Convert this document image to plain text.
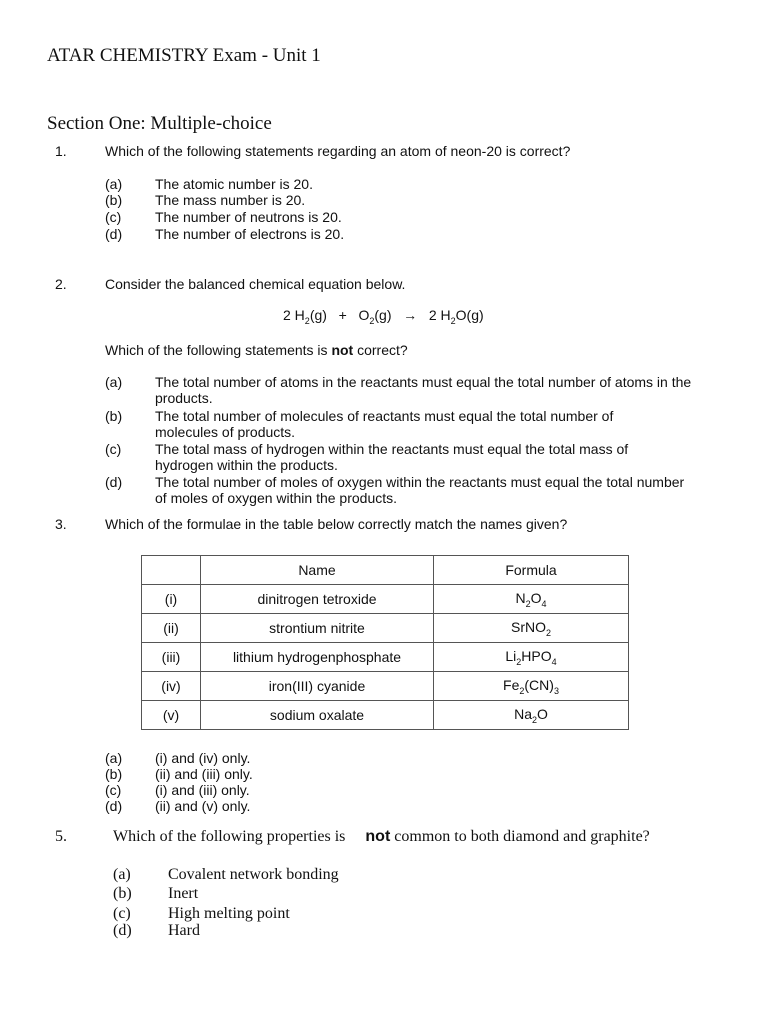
ATAR CHEMISTRY Exam - Unit 1
Section One: Multiple-choice
1.	Which of the following statements regarding an atom of neon-20 is correct?
(a) The atomic number is 20.
(b) The mass number is 20.
(c) The number of neutrons is 20.
(d) The number of electrons is 20.
2.	Consider the balanced chemical equation below.
2 $H_2(g) + O_2(g) \to 2$ $H_2O(g)$
Which of the following statements is not correct?
(a) The total number of atoms in the reactants must equal the total number of atoms in the products.
(b) The total number of molecules of reactants must equal the total number of molecules of products.
(c) The total mass of hydrogen within the reactants must equal the total mass of hydrogen within the products.
(d) The total number of moles of oxygen within the reactants must equal the total number of moles of oxygen within the products.
3.	Which of the formulae in the table below correctly match the names given?
	Name	Formula
(i)	dinitrogen tetroxide	$N_2O_4$
(ii)	strontium nitrite	SrNO$_2$
(iii)	lithium hydrogenphosphate	$Li_2HPO_4$
(iv)	iron(III) cyanide	$Fe_2(CN)_3$
(v)	sodium oxalate	$Na_2O$
(a) (i) and (iv) only.
(b) (ii) and (iii) only.
(c) (i) and (iii) only.
(d) (ii) and (v) only.
5.	Which of the following properties is not common to both diamond and graphite?
(a) Covalent network bonding
(b) Inert
(c) High melting point
(d) Hard
